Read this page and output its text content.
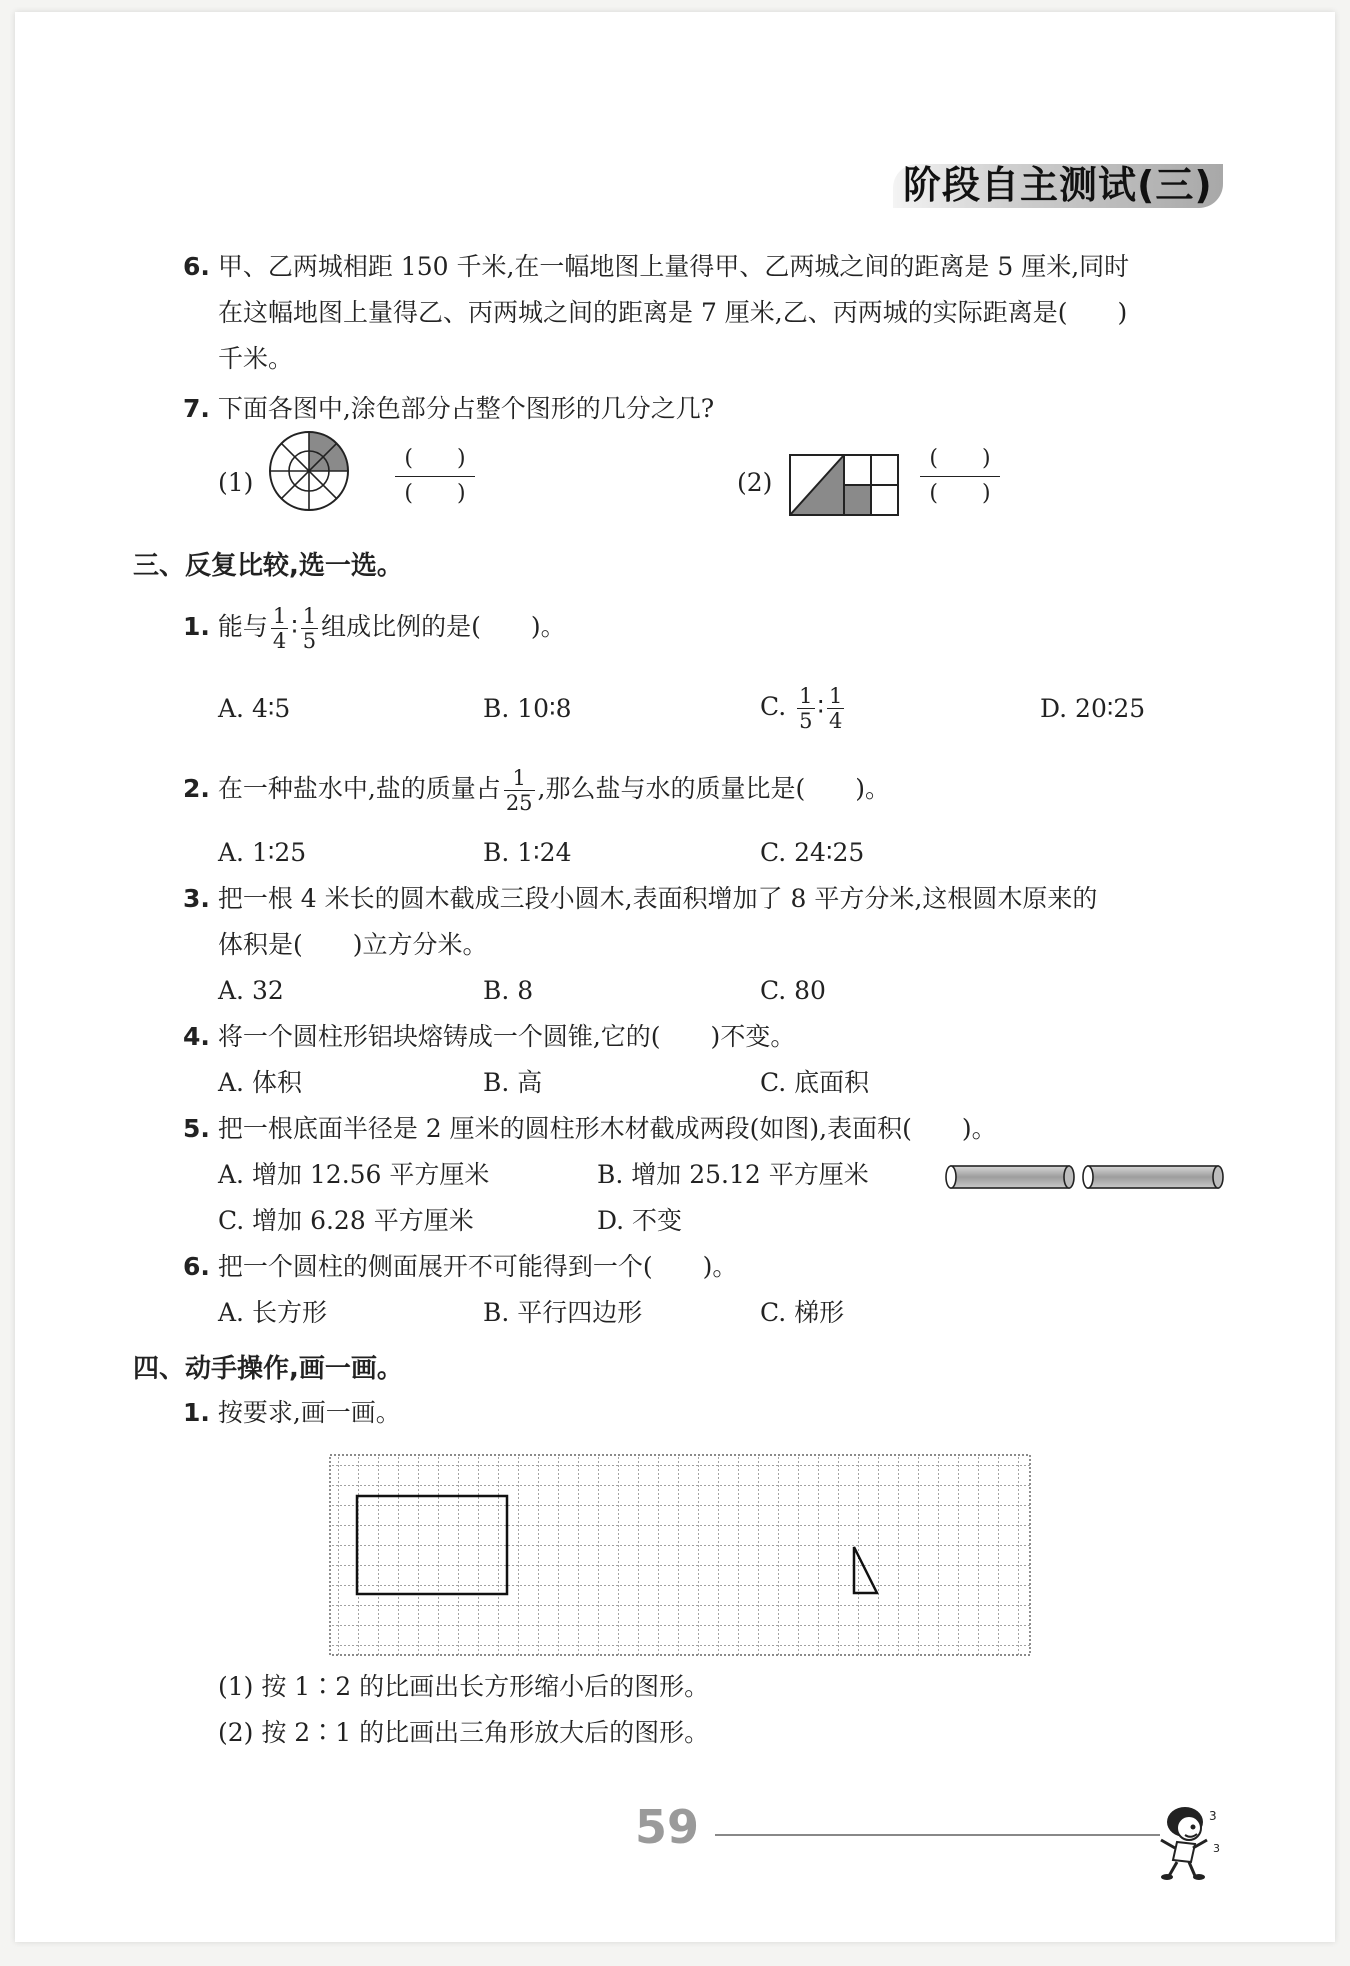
阶段自主测试(三)
6. 甲、乙两城相距 150 千米,在一幅地图上量得甲、乙两城之间的距离是 5 厘米,同时
在这幅地图上量得乙、丙两城之间的距离是 7 厘米,乙、丙两城的实际距离是(　　)
千米。
7. 下面各图中,涂色部分占整个图形的几分之几?
(1)
(　　)
(　　)	(2)
(　　)
(　　)
三、反复比较,选一选。
1. 能与 $\frac{1}{4}$ ∶ $\frac{1}{5}$ 组成比例的是(　　)。
A. 4∶5	B. 10∶8	C. $\frac{1}{5}$ ∶ $\frac{1}{4}$	D. 20∶25
2. 在一种盐水中,盐的质量占 $\frac{1}{25}$ ,那么盐与水的质量比是(　　)。
A. 1∶25	B. 1∶24	C. 24∶25
3. 把一根 4 米长的圆木截成三段小圆木,表面积增加了 8 平方分米,这根圆木原来的
体积是(　　)立方分米。
A. 32	B. 8	C. 80
4. 将一个圆柱形铝块熔铸成一个圆锥,它的(　　)不变。
A. 体积	B. 高	C. 底面积
5. 把一根底面半径是 2 厘米的圆柱形木材截成两段(如图),表面积(　　)。
A. 增加 12.56 平方厘米	B. 增加 25.12 平方厘米
C. 增加 6.28 平方厘米	D. 不变
6. 把一个圆柱的侧面展开不可能得到一个(　　)。
A. 长方形	B. 平行四边形	C. 梯形
四、动手操作,画一画。
1. 按要求,画一画。
(1) 按 1∶2 的比画出长方形缩小后的图形。
(2) 按 2∶1 的比画出三角形放大后的图形。
59	3
3
